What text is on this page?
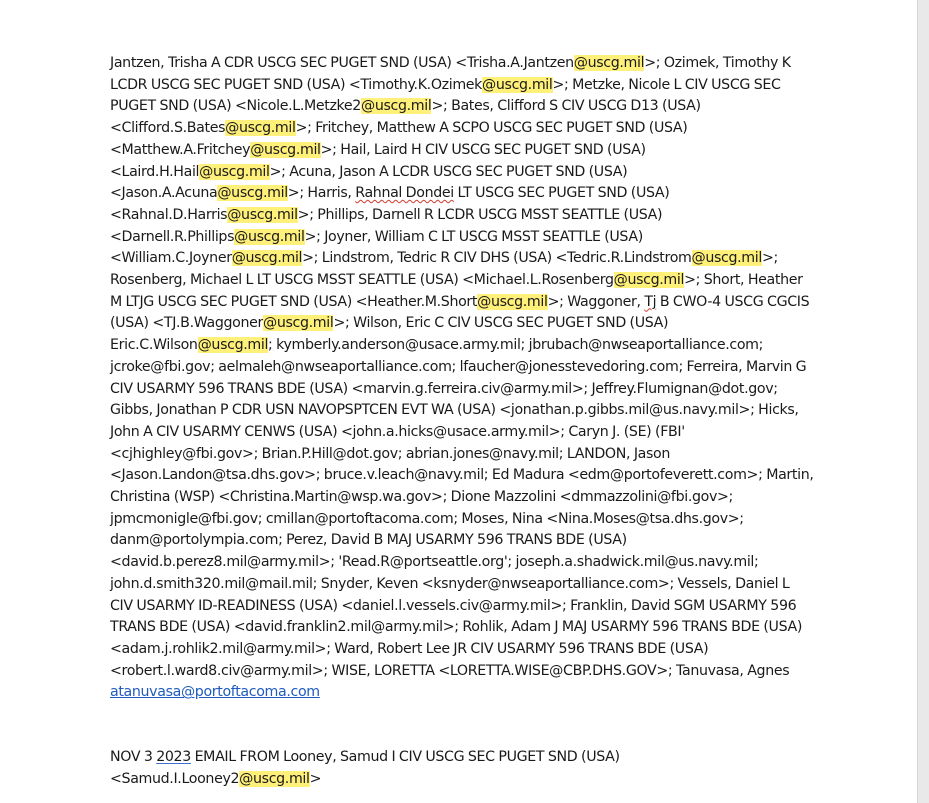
Jantzen, Trisha A CDR USCG SEC PUGET SND (USA) <Trisha.A.Jantzen@uscg.mil>; Ozimek, Timothy K LCDR USCG SEC PUGET SND (USA) <Timothy.K.Ozimek@uscg.mil>; Metzke, Nicole L CIV USCG SEC PUGET SND (USA) <Nicole.L.Metzke2@uscg.mil>; Bates, Clifford S CIV USCG D13 (USA) <Clifford.S.Bates@uscg.mil>; Fritchey, Matthew A SCPO USCG SEC PUGET SND (USA) <Matthew.A.Fritchey@uscg.mil>; Hail, Laird H CIV USCG SEC PUGET SND (USA) <Laird.H.Hail@uscg.mil>; Acuna, Jason A LCDR USCG SEC PUGET SND (USA) <Jason.A.Acuna@uscg.mil>; Harris, Rahnal Dondei LT USCG SEC PUGET SND (USA) <Rahnal.D.Harris@uscg.mil>; Phillips, Darnell R LCDR USCG MSST SEATTLE (USA) <Darnell.R.Phillips@uscg.mil>; Joyner, William C LT USCG MSST SEATTLE (USA) <William.C.Joyner@uscg.mil>; Lindstrom, Tedric R CIV DHS (USA) <Tedric.R.Lindstrom@uscg.mil>; Rosenberg, Michael L LT USCG MSST SEATTLE (USA) <Michael.L.Rosenberg@uscg.mil>; Short, Heather M LTJG USCG SEC PUGET SND (USA) <Heather.M.Short@uscg.mil>; Waggoner, Tj B CWO-4 USCG CGCIS (USA) <TJ.B.Waggoner@uscg.mil>; Wilson, Eric C CIV USCG SEC PUGET SND (USA) Eric.C.Wilson@uscg.mil; kymberly.anderson@usace.army.mil; jbrubach@nwseaportalliance.com; jcroke@fbi.gov; aelmaleh@nwseaportalliance.com; lfaucher@jonesstevedoring.com; Ferreira, Marvin G CIV USARMY 596 TRANS BDE (USA) <marvin.g.ferreira.civ@army.mil>; Jeffrey.Flumignan@dot.gov; Gibbs, Jonathan P CDR USN NAVOPSPTCEN EVT WA (USA) <jonathan.p.gibbs.mil@us.navy.mil>; Hicks, John A CIV USARMY CENWS (USA) <john.a.hicks@usace.army.mil>; Caryn J. (SE) (FBI' <cjhighley@fbi.gov>; Brian.P.Hill@dot.gov; abrian.jones@navy.mil; LANDON, Jason <Jason.Landon@tsa.dhs.gov>; bruce.v.leach@navy.mil; Ed Madura <edm@portofeverett.com>; Martin, Christina (WSP) <Christina.Martin@wsp.wa.gov>; Dione Mazzolini <dmmazzolini@fbi.gov>; jpmcmonigle@fbi.gov; cmillan@portoftacoma.com; Moses, Nina <Nina.Moses@tsa.dhs.gov>; danm@portolympia.com; Perez, David B MAJ USARMY 596 TRANS BDE (USA) <david.b.perez8.mil@army.mil>; 'Read.R@portseattle.org'; joseph.a.shadwick.mil@us.navy.mil; john.d.smith320.mil@mail.mil; Snyder, Keven <ksnyder@nwseaportalliance.com>; Vessels, Daniel L CIV USARMY ID-READINESS (USA) <daniel.l.vessels.civ@army.mil>; Franklin, David SGM USARMY 596 TRANS BDE (USA) <david.franklin2.mil@army.mil>; Rohlik, Adam J MAJ USARMY 596 TRANS BDE (USA) <adam.j.rohlik2.mil@army.mil>; Ward, Robert Lee JR CIV USARMY 596 TRANS BDE (USA) <robert.l.ward8.civ@army.mil>; WISE, LORETTA <LORETTA.WISE@CBP.DHS.GOV>; Tanuvasa, Agnes atanuvasa@portoftacoma.com

NOV 3 2023 EMAIL FROM Looney, Samud I CIV USCG SEC PUGET SND (USA) <Samud.I.Looney2@uscg.mil>
